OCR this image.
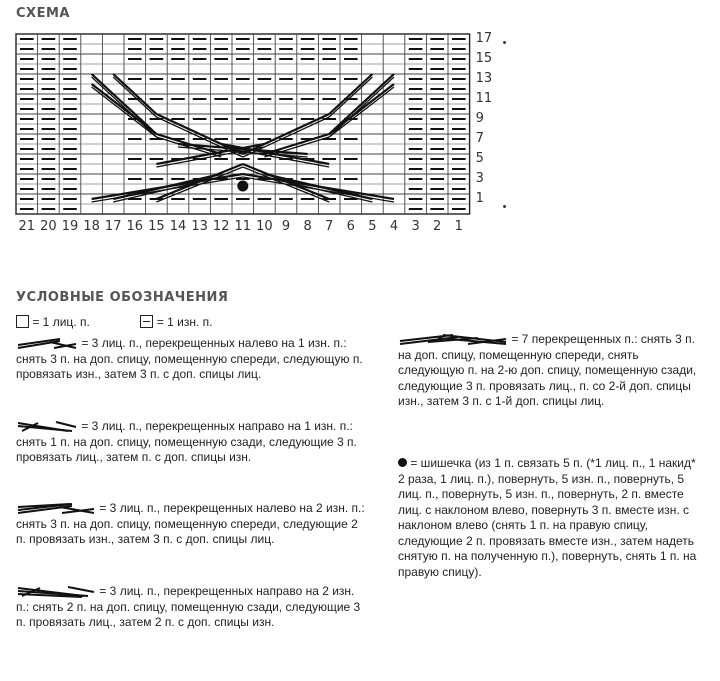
СХЕМА
17
15
13
11
9
7
5
3
1
•
•
21 20 19 18 17 16 15 14 13 12 11 10 9 8 7 6 5 4 3 2 1
УСЛОВНЫЕ ОБОЗНАЧЕНИЯ
= 1 лиц. п.	= 1 изн. п.
= 3 лиц. п., перекрещенных налево на 1 изн. п.: снять 3 п. на доп. спицу, помещенную спереди, следующую п. провязать изн., затем 3 п. с доп. спицы лиц.
= 3 лиц. п., перекрещенных направо на 1 изн. п.: снять 1 п. на доп. спицу, помещенную сзади, следующие 3 п. провязать лиц., затем п. с доп. спицы изн.
= 3 лиц. п., перекрещенных налево на 2 изн. п.: снять 3 п. на доп. спицу, помещенную спереди, следующие 2 п. провязать изн., затем 3 п. с доп. спицы лиц.
= 3 лиц. п., перекрещенных направо на 2 изн. п.: снять 2 п. на доп. спицу, помещенную сзади, следующие 3 п. провязать лиц., затем 2 п. с доп. спицы изн.
= 7 перекрещенных п.: снять 3 п. на доп. спицу, помещенную спереди, снять следующую п. на 2-ю доп. спицу, помещенную сзади, следующие 3 п. провязать лиц., п. со 2-й доп. спицы изн., затем 3 п. с 1-й доп. спицы лиц.
= шишечка (из 1 п. связать 5 п. (*1 лиц. п., 1 накид* 2 раза, 1 лиц. п.), повернуть, 5 изн. п., повернуть, 5 лиц. п., повернуть, 5 изн. п., повернуть, 2 п. вместе лиц. с наклоном влево, повернуть 3 п. вместе изн. с наклоном влево (снять 1 п. на правую спицу, следующие 2 п. провязать вместе изн., затем надеть снятую п. на полученную п.), повернуть, снять 1 п. на правую спицу).
